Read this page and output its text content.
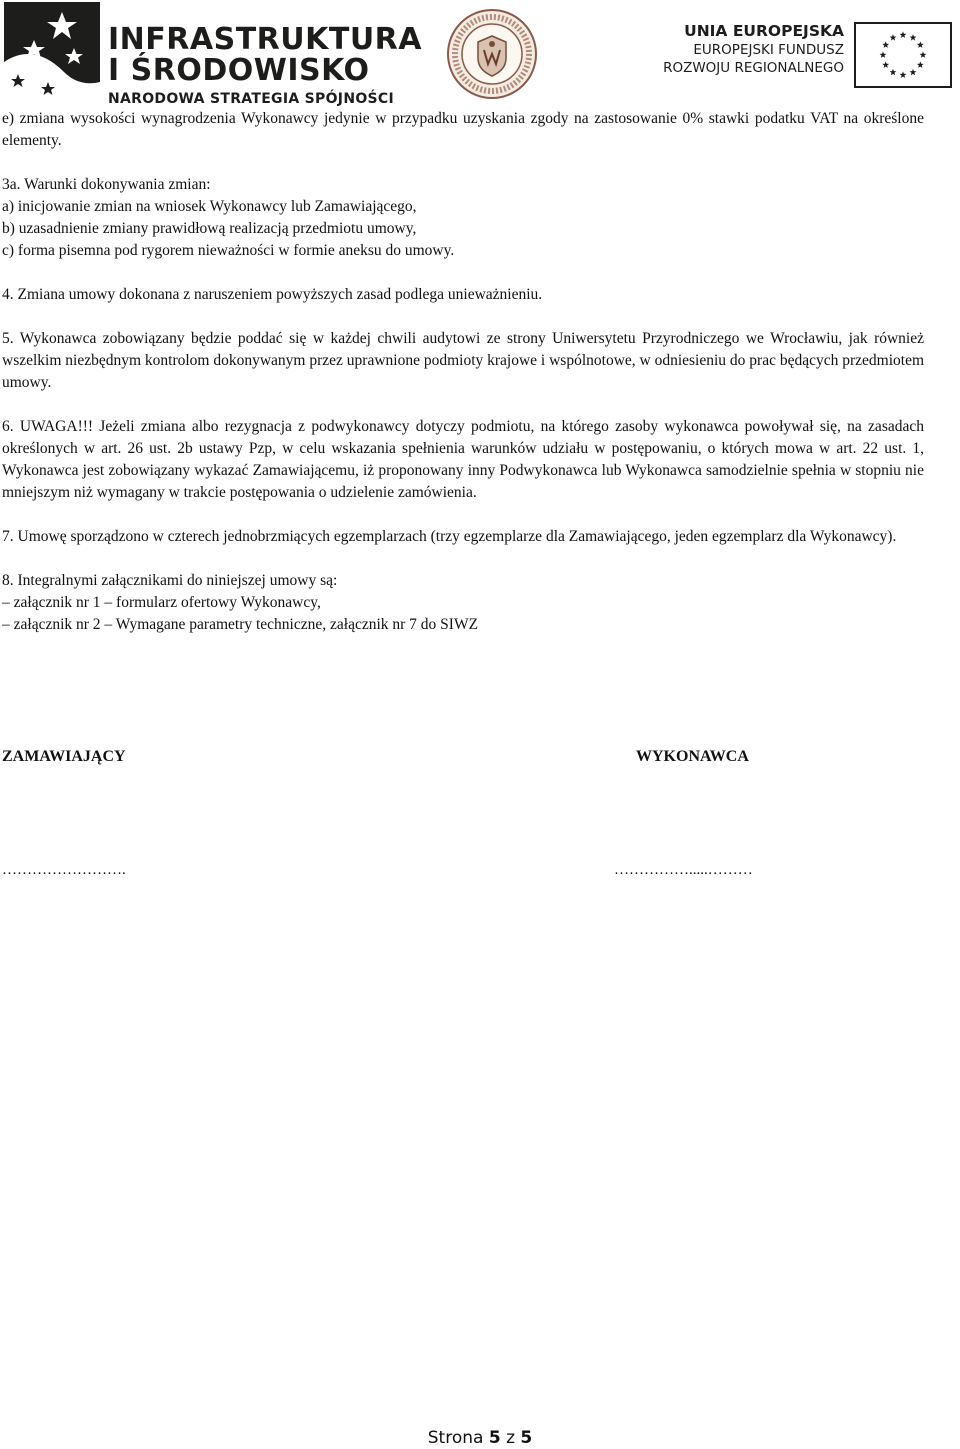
INFRASTRUKTURA
I ŚRODOWISKO
NARODOWA STRATEGIA SPÓJNOŚCI
UNIA EUROPEJSKA
EUROPEJSKI FUNDUSZ
ROZWOJU REGIONALNEGO

e) zmiana wysokości wynagrodzenia Wykonawcy jedynie w przypadku uzyskania zgody na zastosowanie 0% stawki podatku VAT na określone elementy.

3a. Warunki dokonywania zmian:
a) inicjowanie zmian na wniosek Wykonawcy lub Zamawiającego,
b) uzasadnienie zmiany prawidłową realizacją przedmiotu umowy,
c) forma pisemna pod rygorem nieważności w formie aneksu do umowy.

4. Zmiana umowy dokonana z naruszeniem powyższych zasad podlega unieważnieniu.

5. Wykonawca zobowiązany będzie poddać się w każdej chwili audytowi ze strony Uniwersytetu Przyrodniczego we Wrocławiu, jak również wszelkim niezbędnym kontrolom dokonywanym przez uprawnione podmioty krajowe i wspólnotowe, w odniesieniu do prac będących przedmiotem umowy.

6. UWAGA!!! Jeżeli zmiana albo rezygnacja z podwykonawcy dotyczy podmiotu, na którego zasoby wykonawca powoływał się, na zasadach określonych w art. 26 ust. 2b ustawy Pzp, w celu wskazania spełnienia warunków udziału w postępowaniu, o których mowa w art. 22 ust. 1, Wykonawca jest zobowiązany wykazać Zamawiającemu, iż proponowany inny Podwykonawca lub Wykonawca samodzielnie spełnia w stopniu nie mniejszym niż wymagany w trakcie postępowania o udzielenie zamówienia.

7. Umowę sporządzono w czterech jednobrzmiących egzemplarzach (trzy egzemplarze dla Zamawiającego, jeden egzemplarz dla Wykonawcy).

8. Integralnymi załącznikami do niniejszej umowy są:
– załącznik nr 1 – formularz ofertowy Wykonawcy,
– załącznik nr 2 – Wymagane parametry techniczne, załącznik nr 7 do SIWZ
ZAMAWIAJĄCY	WYKONAWCA
…………………….	…………….....………
Strona 5 z 5
